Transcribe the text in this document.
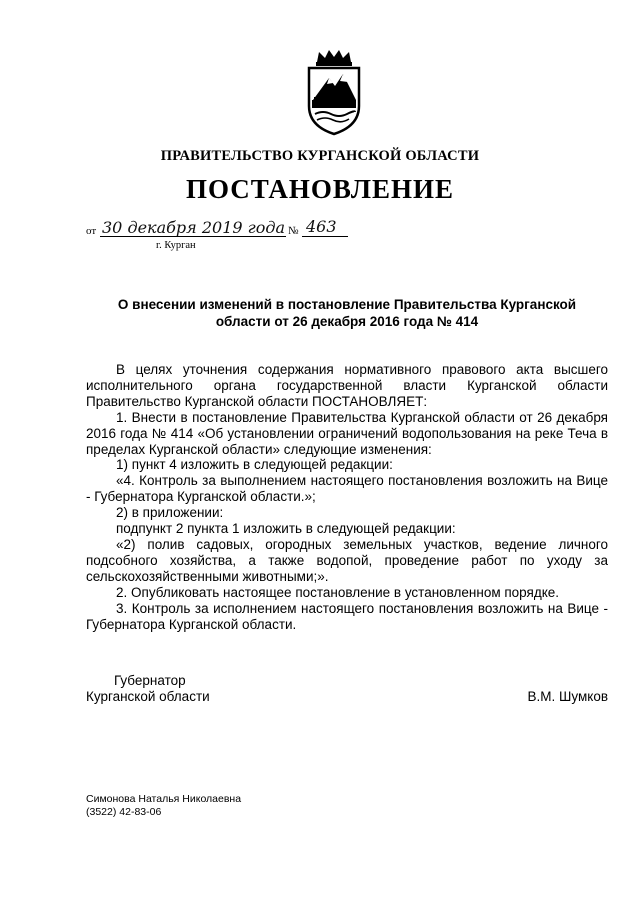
ПРАВИТЕЛЬСТВО КУРГАНСКОЙ ОБЛАСТИ
ПОСТАНОВЛЕНИЕ
от 30 декабря 2019 года № 463
г. Курган
О внесении изменений в постановление Правительства Курганской
области от 26 декабря 2016 года № 414

В целях уточнения содержания нормативного правового акта высшего исполнительного органа государственной власти Курганской области Правительство Курганской области ПОСТАНОВЛЯЕТ:

1. Внести в постановление Правительства Курганской области от 26 декабря 2016 года № 414 «Об установлении ограничений водопользования на реке Теча в пределах Курганской области» следующие изменения:

1) пункт 4 изложить в следующей редакции:

«4. Контроль за выполнением настоящего постановления возложить на Вице - Губернатора Курганской области.»;

2) в приложении:

подпункт 2 пункта 1 изложить в следующей редакции:

«2) полив садовых, огородных земельных участков, ведение личного подсобного хозяйства, а также водопой, проведение работ по уходу за сельскохозяйственными животными;».

2. Опубликовать настоящее постановление в установленном порядке.

3. Контроль за исполнением настоящего постановления возложить на Вице - Губернатора Курганской области.

Губернатор
Курганской области	В.М. Шумков
Симонова Наталья Николаевна
(3522) 42-83-06
